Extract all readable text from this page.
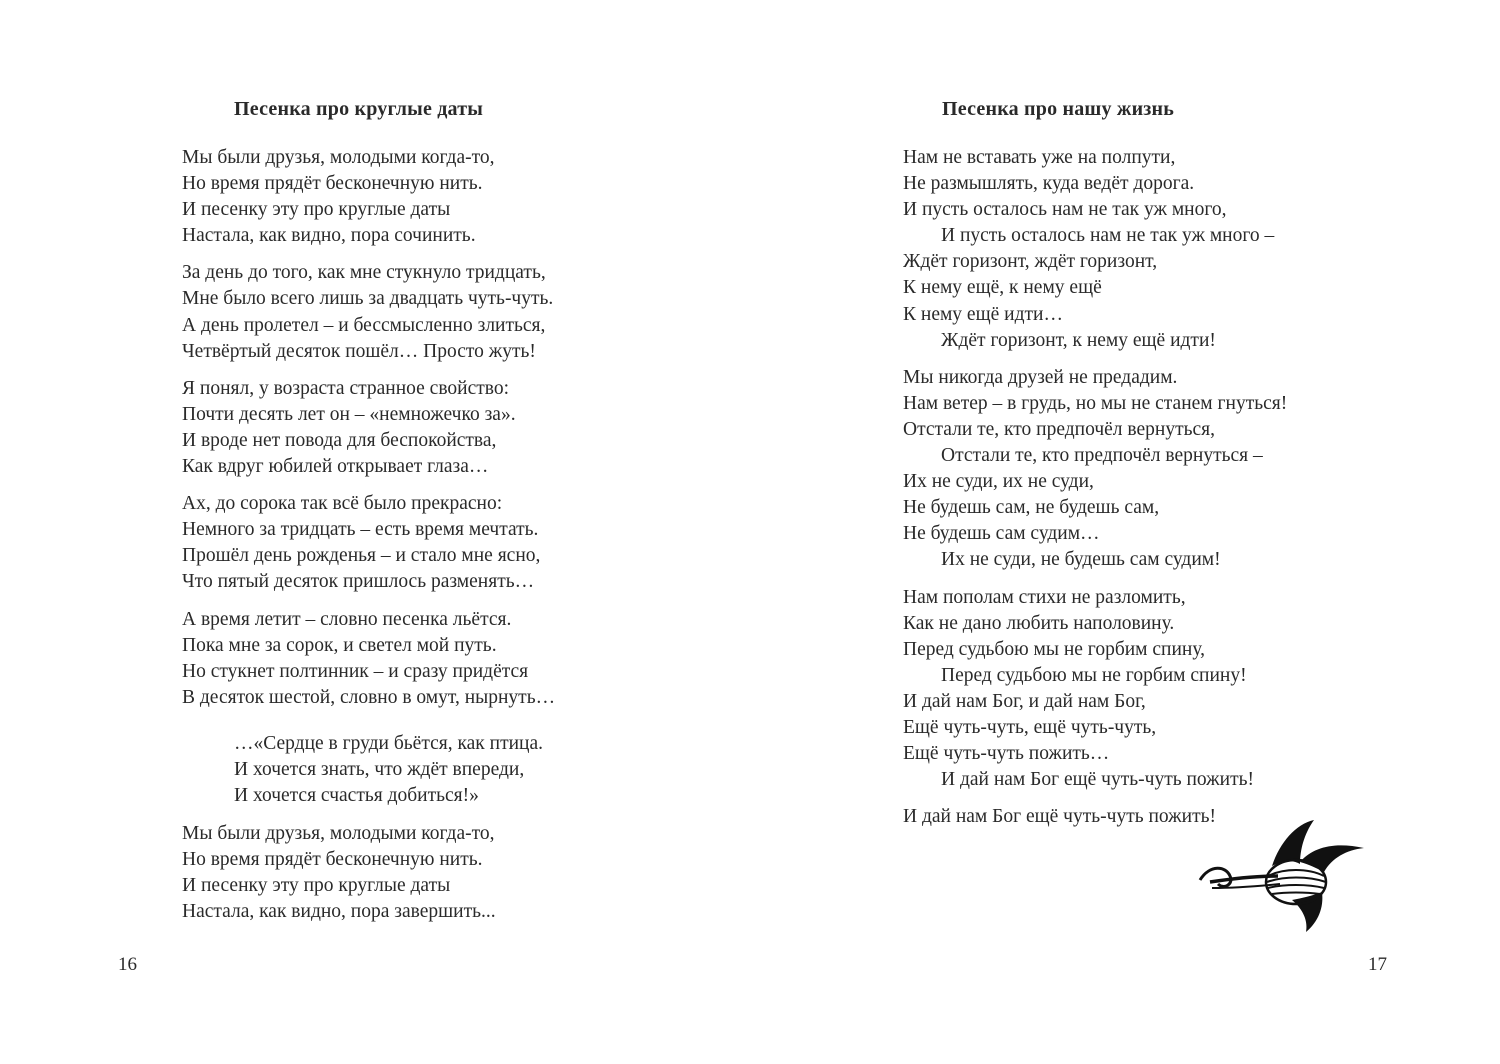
Песенка про круглые даты
Мы были друзья, молодыми когда-то,
Но время прядёт бесконечную нить.
И песенку эту про круглые даты
Настала, как видно, пора сочинить.
За день до того, как мне стукнуло тридцать,
Мне было всего лишь за двадцать чуть-чуть.
А день пролетел – и бессмысленно злиться,
Четвёртый десяток пошёл… Просто жуть!
Я понял, у возраста странное свойство:
Почти десять лет он – «немножечко за».
И вроде нет повода для беспокойства,
Как вдруг юбилей открывает глаза…
Ах, до сорока так всё было прекрасно:
Немного за тридцать – есть время мечтать.
Прошёл день рожденья – и стало мне ясно,
Что пятый десяток пришлось разменять…
А время летит – словно песенка льётся.
Пока мне за сорок, и светел мой путь.
Но стукнет полтинник – и сразу придётся
В десяток шестой, словно в омут, нырнуть…
…«Сердце в груди бьётся, как птица.
И хочется знать, что ждёт впереди,
И хочется счастья добиться!»
Мы были друзья, молодыми когда-то,
Но время прядёт бесконечную нить.
И песенку эту про круглые даты
Настала, как видно, пора завершить...
16
Песенка про нашу жизнь
Нам не вставать уже на полпути,
Не размышлять, куда ведёт дорога.
И пусть осталось нам не так уж много,
И пусть осталось нам не так уж много –
Ждёт горизонт, ждёт горизонт,
К нему ещё, к нему ещё
К нему ещё идти…
Ждёт горизонт, к нему ещё идти!
Мы никогда друзей не предадим.
Нам ветер – в грудь, но мы не станем гнуться!
Отстали те, кто предпочёл вернуться,
Отстали те, кто предпочёл вернуться –
Их не суди, их не суди,
Не будешь сам, не будешь сам,
Не будешь сам судим…
Их не суди, не будешь сам судим!
Нам пополам стихи не разломить,
Как не дано любить наполовину.
Перед судьбою мы не горбим спину,
Перед судьбою мы не горбим спину!
И дай нам Бог, и дай нам Бог,
Ещё чуть-чуть, ещё чуть-чуть,
Ещё чуть-чуть пожить…
И дай нам Бог ещё чуть-чуть пожить!
И дай нам Бог ещё чуть-чуть пожить!
17
